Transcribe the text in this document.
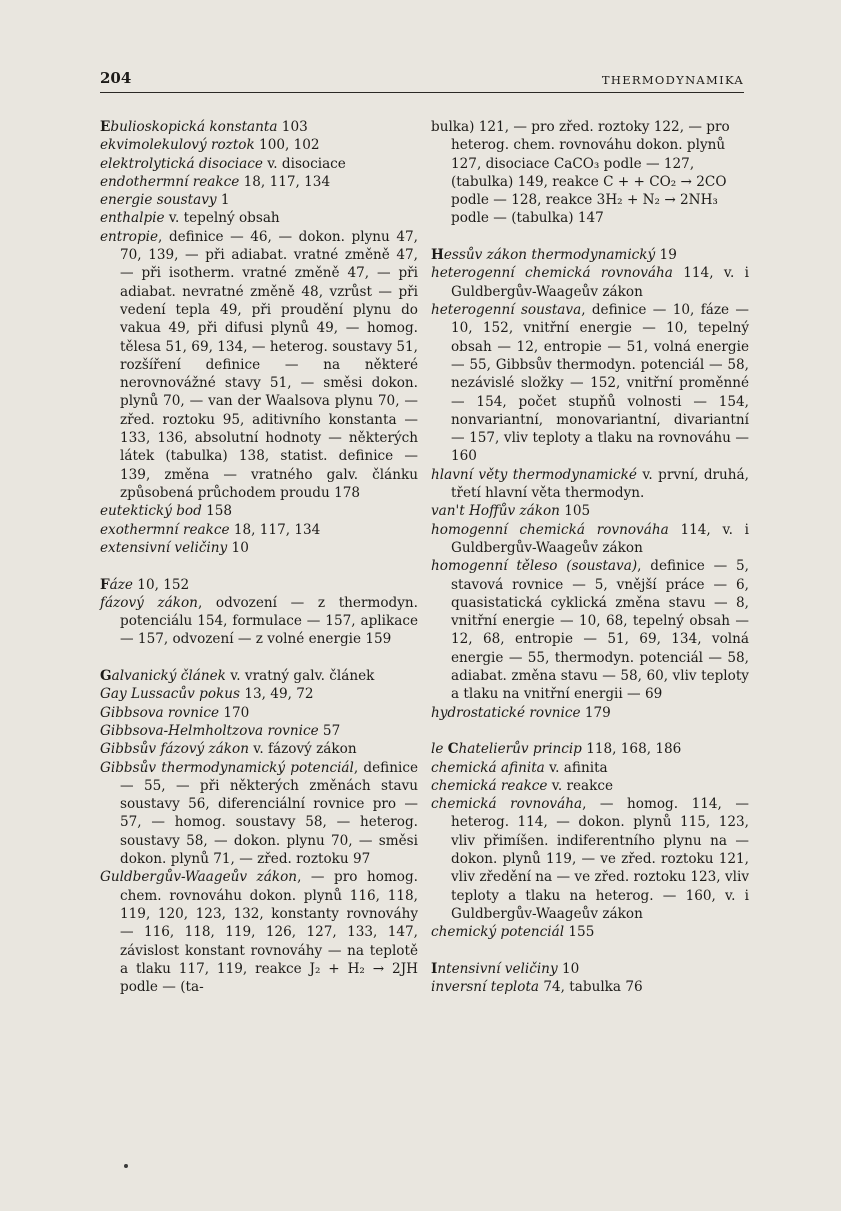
204	THERMODYNAMIKA
Ebulioskopická konstanta 103
ekvimolekulový roztok 100, 102
elektrolytická disociace v. disociace
endothermní reakce 18, 117, 134
energie soustavy 1
enthalpie v. tepelný obsah
entropie, definice — 46, — dokon. plynu 47, 70, 139, — při adiabat. vratné změně 47, — při isotherm. vratné změně 47, — při adiabat. nevratné změně 48, vzrůst — při vedení tepla 49, při proudění plynu do vakua 49, při difusi plynů 49, — homog. tělesa 51, 69, 134, — heterog. soustavy 51, rozšíření definice — na některé nerovnovážné stavy 51, — směsi dokon. plynů 70, — van der Waalsova plynu 70, — zřed. roztoku 95, aditivního konstanta — 133, 136, absolutní hodnoty — některých látek (tabulka) 138, statist. definice — 139, změna — vratného galv. článku způsobená průchodem proudu 178
eutektický bod 158
exothermní reakce 18, 117, 134
extensivní veličiny 10
Fáze 10, 152
fázový zákon, odvození — z thermodyn. potenciálu 154, formulace — 157, aplikace — 157, odvození — z volné energie 159
Galvanický článek v. vratný galv. článek
Gay Lussacův pokus 13, 49, 72
Gibbsova rovnice 170
Gibbsova-Helmholtzova rovnice 57
Gibbsův fázový zákon v. fázový zákon
Gibbsův thermodynamický potenciál, definice — 55, — při některých změnách stavu soustavy 56, diferenciální rovnice pro — 57, — homog. soustavy 58, — heterog. soustavy 58, — dokon. plynu 70, — směsi dokon. plynů 71, — zřed. roztoku 97
Guldbergův-Waageův zákon, — pro homog. chem. rovnováhu dokon. plynů 116, 118, 119, 120, 123, 132, konstanty rovnováhy — 116, 118, 119, 126, 127, 133, 147, závislost konstant rovnováhy — na teplotě a tlaku 117, 119, reakce J₂ + H₂ → 2JH podle — (ta-
bulka) 121, — pro zřed. roztoky 122, — pro heterog. chem. rovnováhu dokon. plynů 127, disociace CaCO₃ podle — 127, (tabulka) 149, reakce C + + CO₂ → 2CO podle — 128, reakce 3H₂ + N₂ → 2NH₃ podle — (tabulka) 147
Hessův zákon thermodynamický 19
heterogenní chemická rovnováha 114, v. i Guldbergův-Waageův zákon
heterogenní soustava, definice — 10, fáze — 10, 152, vnitřní energie — 10, tepelný obsah — 12, entropie — 51, volná energie — 55, Gibbsův thermodyn. potenciál — 58, nezávislé složky — 152, vnitřní proměnné — 154, počet stupňů volnosti — 154, nonvariantní, monovariantní, divariantní — 157, vliv teploty a tlaku na rovnováhu — 160
hlavní věty thermodynamické v. první, druhá, třetí hlavní věta thermodyn.
van't Hoffův zákon 105
homogenní chemická rovnováha 114, v. i Guldbergův-Waageův zákon
homogenní těleso (soustava), definice — 5, stavová rovnice — 5, vnější práce — 6, quasistatická cyklická změna stavu — 8, vnitřní energie — 10, 68, tepelný obsah — 12, 68, entropie — 51, 69, 134, volná energie — 55, thermodyn. potenciál — 58, adiabat. změna stavu — 58, 60, vliv teploty a tlaku na vnitřní energii — 69
hydrostatické rovnice 179
le Chatelierův princip 118, 168, 186
chemická afinita v. afinita
chemická reakce v. reakce
chemická rovnováha, — homog. 114, — heterog. 114, — dokon. plynů 115, 123, vliv přimíšen. indiferentního plynu na — dokon. plynů 119, — ve zřed. roztoku 121, vliv zředění na — ve zřed. roztoku 123, vliv teploty a tlaku na heterog. — 160, v. i Guldbergův-Waageův zákon
chemický potenciál 155
Intensivní veličiny 10
inversní teplota 74, tabulka 76
